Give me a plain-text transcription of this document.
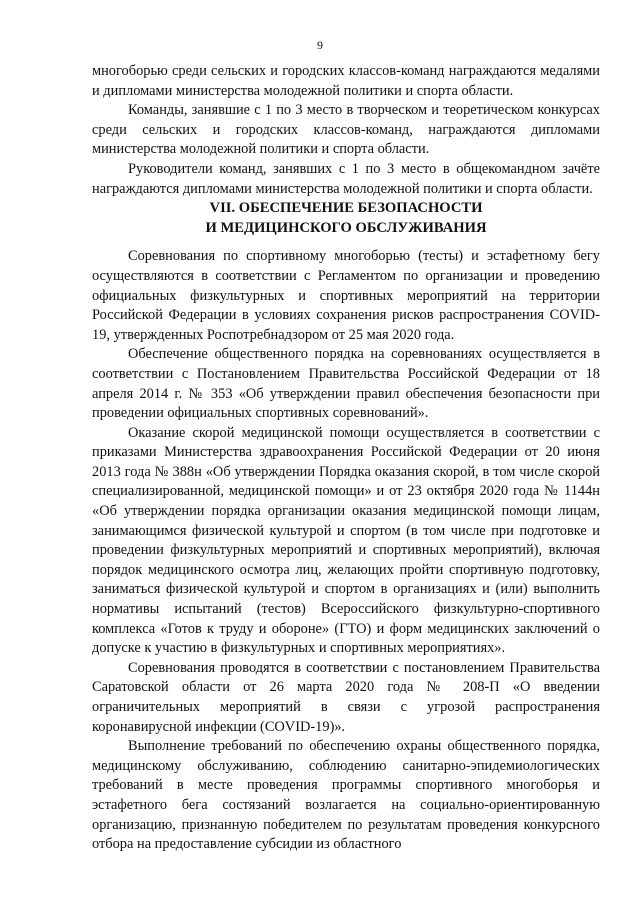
9

многоборью среди сельских и городских классов-команд награждаются медалями и дипломами министерства молодежной политики и спорта области.

Команды, занявшие с 1 по 3 место в творческом и теоретическом конкурсах среди сельских и городских классов-команд, награждаются дипломами министерства молодежной политики и спорта области.

Руководители команд, занявших с 1 по 3 место в общекомандном зачёте награждаются дипломами министерства молодежной политики и спорта области.

VII. ОБЕСПЕЧЕНИЕ БЕЗОПАСНОСТИ
И МЕДИЦИНСКОГО ОБСЛУЖИВАНИЯ

Соревнования по спортивному многоборью (тесты) и эстафетному бегу осуществляются в соответствии с Регламентом по организации и проведению официальных физкультурных и спортивных мероприятий на территории Российской Федерации в условиях сохранения рисков распространения COVID-19, утвержденных Роспотребнадзором от 25 мая 2020 года.

Обеспечение общественного порядка на соревнованиях осуществляется в соответствии с Постановлением Правительства Российской Федерации от 18 апреля 2014 г. № 353 «Об утверждении правил обеспечения безопасности при проведении официальных спортивных соревнований».

Оказание скорой медицинской помощи осуществляется в соответствии с приказами Министерства здравоохранения Российской Федерации от 20 июня 2013 года № 388н «Об утверждении Порядка оказания скорой, в том числе скорой специализированной, медицинской помощи» и от 23 октября 2020 года № 1144н «Об утверждении порядка организации оказания медицинской помощи лицам, занимающимся физической культурой и спортом (в том числе при подготовке и проведении физкультурных мероприятий и спортивных мероприятий), включая порядок медицинского осмотра лиц, желающих пройти спортивную подготовку, заниматься физической культурой и спортом в организациях и (или) выполнить нормативы испытаний (тестов) Всероссийского физкультурно-спортивного комплекса «Готов к труду и обороне» (ГТО) и форм медицинских заключений о допуске к участию в физкультурных и спортивных мероприятиях».

Соревнования проводятся в соответствии с постановлением Правительства Саратовской области от 26 марта 2020 года № 208-П «О введении ограничительных мероприятий в связи с угрозой распространения коронавирусной инфекции (COVID-19)».

Выполнение требований по обеспечению охраны общественного порядка, медицинскому обслуживанию, соблюдению санитарно-эпидемиологических требований в месте проведения программы спортивного многоборья и эстафетного бега состязаний возлагается на социально-ориентированную организацию, признанную победителем по результатам проведения конкурсного отбора на предоставление субсидии из областного
